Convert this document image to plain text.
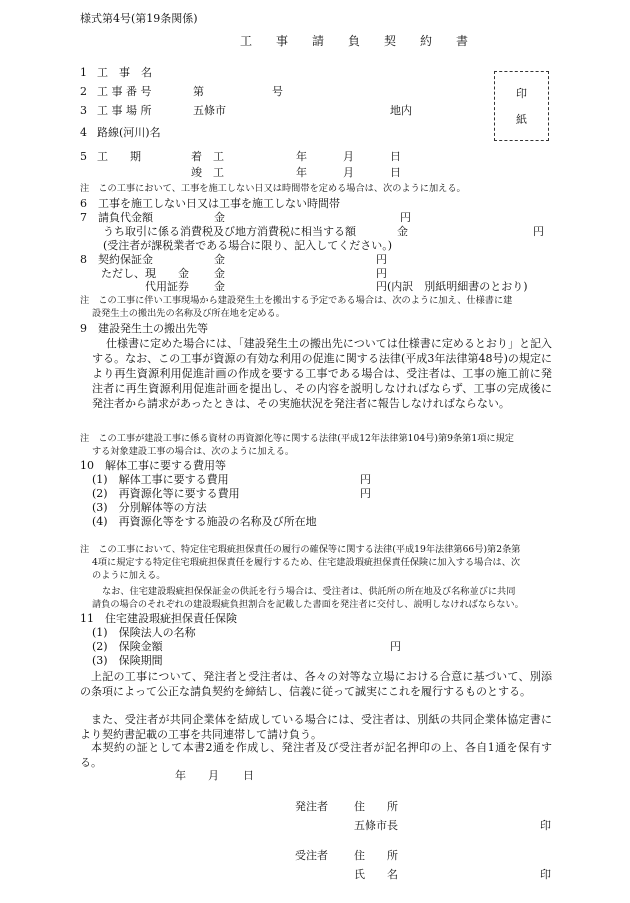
様式第4号(第19条関係)
工　事　請　負　契　約　書
印
紙
1 工　事　名
2 工 事 番 号	第	号
3 工 事 場 所	五條市	地内
4 路線(河川)名
5 工　　期	着　工	年	月	日
竣　工	年	月	日
注　この工事において、工事を施工しない日又は時間帯を定める場合は、次のように加える。
6　工事を施工しない日又は工事を施工しない時間帯
7　請負代金額	金	円
うち取引に係る消費税及び地方消費税に相当する額	金	円
(受注者が課税業者である場合に限り、記入してください。)
8　契約保証金	金	円
ただし、現　　金 金	円
代用証券 金	円(内訳　別紙明細書のとおり)
注　この工事に伴い工事現場から建設発生土を搬出する予定である場合は、次のように加え、仕様書に建
設発生土の搬出先の名称及び所在地を定める。
9　建設発生土の搬出先等
仕様書に定めた場合には、「建設発生土の搬出先については仕様書に定めるとおり」と記入する。なお、この工事が資源の有効な利用の促進に関する法律(平成3年法律第48号)の規定により再生資源利用促進計画の作成を要する工事である場合は、受注者は、工事の施工前に発注者に再生資源利用促進計画を提出し、その内容を説明しなければならず、工事の完成後に発注者から請求があったときは、その実施状況を発注者に報告しなければならない。
注　この工事が建設工事に係る資材の再資源化等に関する法律(平成12年法律第104号)第9条第1項に規定
する対象建設工事の場合は、次のように加える。
10　解体工事に要する費用等
(1)　解体工事に要する費用	円
(2)　再資源化等に要する費用	円
(3)　分別解体等の方法
(4)　再資源化等をする施設の名称及び所在地
注　この工事において、特定住宅瑕疵担保責任の履行の確保等に関する法律(平成19年法律第66号)第2条第
4項に規定する特定住宅瑕疵担保責任を履行するため、住宅建設瑕疵担保責任保険に加入する場合は、次
のように加える。
なお、住宅建設瑕疵担保保証金の供託を行う場合は、受注者は、供託所の所在地及び名称並びに共同
請負の場合のそれぞれの建設瑕疵負担割合を記載した書面を発注者に交付し、説明しなければならない。
11　住宅建設瑕疵担保責任保険
(1)　保険法人の名称
(2)　保険金額	円
(3)　保険期間
上記の工事について、発注者と受注者は、各々の対等な立場における合意に基づいて、別添の条項によって公正な請負契約を締結し、信義に従って誠実にこれを履行するものとする。
また、受注者が共同企業体を結成している場合には、受注者は、別紙の共同企業体協定書により契約書記載の工事を共同連帯して請け負う。
本契約の証として本書2通を作成し、発注者及び受注者が記名押印の上、各自1通を保有する。
年 月 日
発注者 住　　所
五條市長	印
受注者 住　　所
氏　　名	印
